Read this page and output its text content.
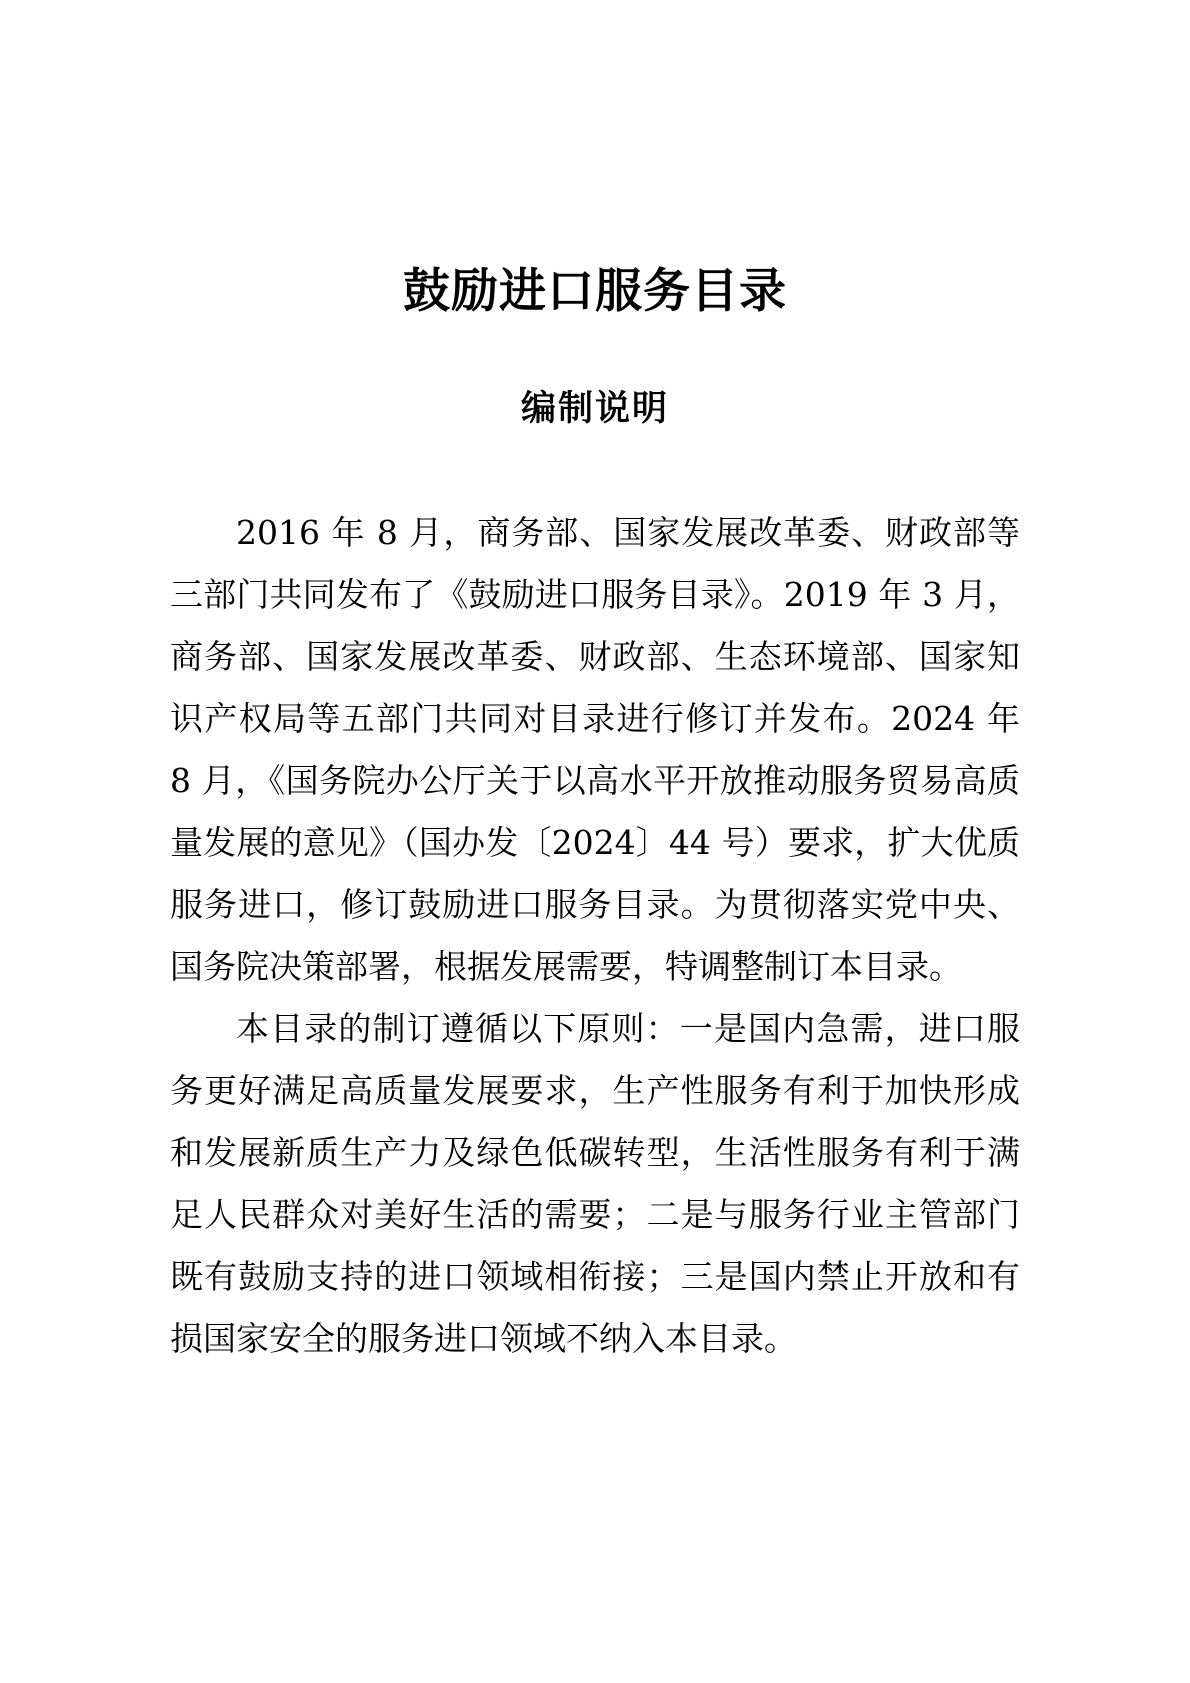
鼓励进口服务目录
编制说明

2016 年 8 月，商务部、国家发展改革委、财政部等三部门共同发布了《鼓励进口服务目录》。2019 年 3 月，商务部、国家发展改革委、财政部、生态环境部、国家知识产权局等五部门共同对目录进行修订并发布。2024 年 8 月，《国务院办公厅关于以高水平开放推动服务贸易高质量发展的意见》（国办发〔2024〕44 号）要求，扩大优质服务进口，修订鼓励进口服务目录。为贯彻落实党中央、国务院决策部署，根据发展需要，特调整制订本目录。

本目录的制订遵循以下原则：一是国内急需，进口服务更好满足高质量发展要求，生产性服务有利于加快形成和发展新质生产力及绿色低碳转型，生活性服务有利于满足人民群众对美好生活的需要；二是与服务行业主管部门既有鼓励支持的进口领域相衔接；三是国内禁止开放和有损国家安全的服务进口领域不纳入本目录。
